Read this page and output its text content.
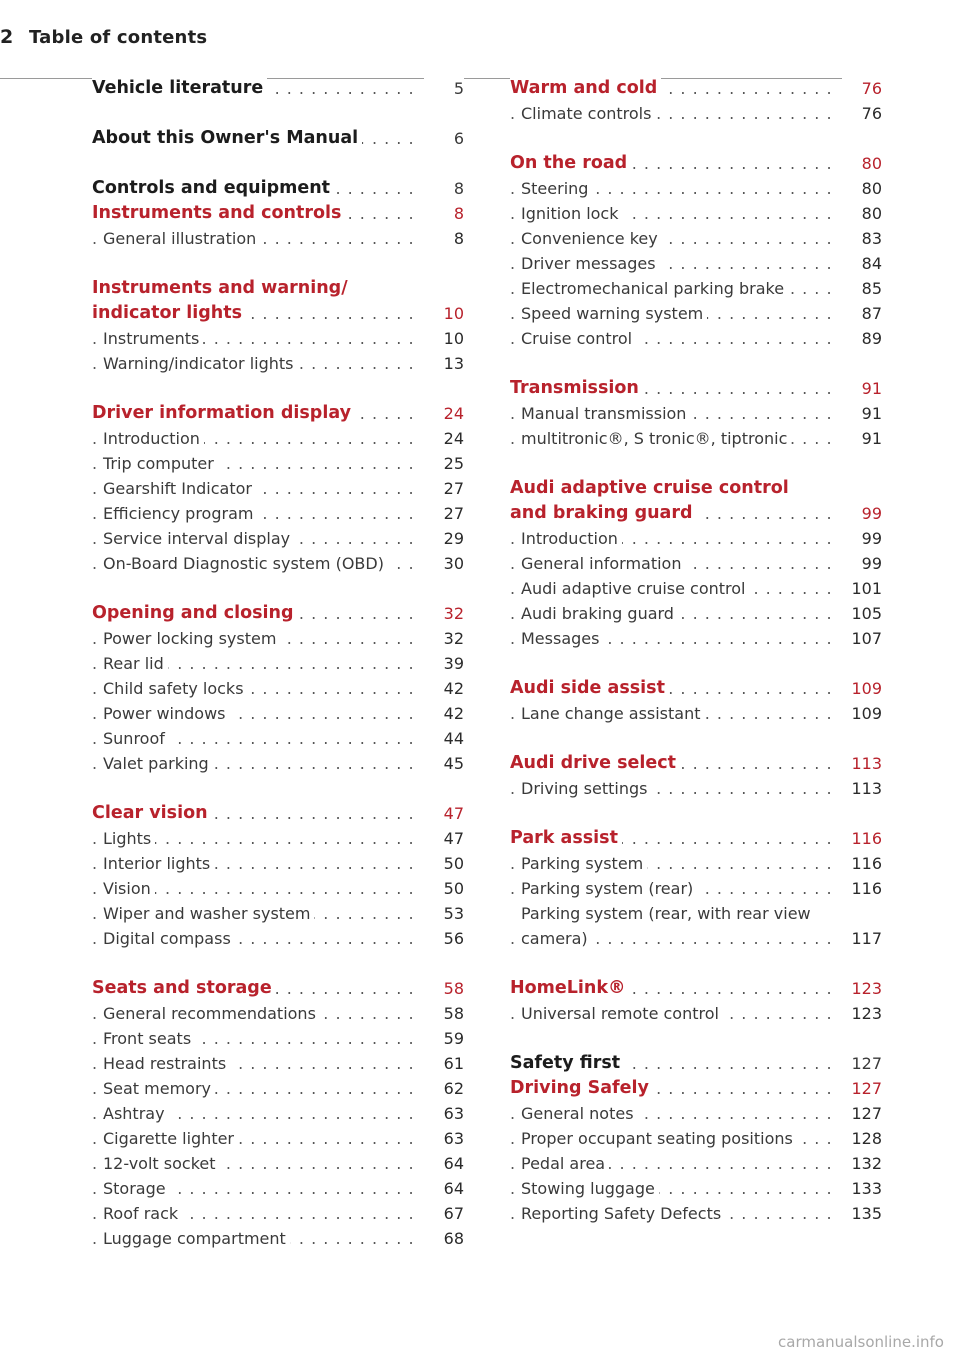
2 Table of contents
. . .
Vehicle literature	5
. . .
About this Owner's Manual	6
. . .
Controls and equipment	8
. . .
Instruments and controls	8
. . .
General illustration	8
Instruments and warning/
. . .
indicator lights	10
. . .
Instruments	10
. . .
Warning/indicator lights	13
. . .
Driver information display	24
. . .
Introduction	24
. . .
Trip computer	25
. . .
Gearshift Indicator	27
. . .
Efficiency program	27
. . .
Service interval display	29
. . .
On-Board Diagnostic system (OBD)	30
. . .
Opening and closing	32
. . .
Power locking system	32
. . .
Rear lid	39
. . .
Child safety locks	42
. . .
Power windows	42
. . .
Sunroof	44
. . .
Valet parking	45
. . .
Clear vision	47
. . .
Lights	47
. . .
Interior lights	50
. . .
Vision	50
. . .
Wiper and washer system	53
. . .
Digital compass	56
. . .
Seats and storage	58
. . .
General recommendations	58
. . .
Front seats	59
. . .
Head restraints	61
. . .
Seat memory	62
. . .
Ashtray	63
. . .
Cigarette lighter	63
. . .
12-volt socket	64
. . .
Storage	64
. . .
Roof rack	67
. . .
Luggage compartment	68
. . .
Warm and cold	76
. . .
Climate controls	76
. . .
On the road	80
. . .
Steering	80
. . .
Ignition lock	80
. . .
Convenience key	83
. . .
Driver messages	84
. . .
Electromechanical parking brake	85
. . .
Speed warning system	87
. . .
Cruise control	89
. . .
Transmission	91
. . .
Manual transmission	91
. . .
multitronic®, S tronic®, tiptronic	91
Audi adaptive cruise control
. . .
and braking guard	99
. . .
Introduction	99
. . .
General information	99
. . .
Audi adaptive cruise control	101
. . .
Audi braking guard	105
. . .
Messages	107
. . .
Audi side assist	109
. . .
Lane change assistant	109
. . .
Audi drive select	113
. . .
Driving settings	113
. . .
Park assist	116
. . .
Parking system	116
. . .
Parking system (rear)	116
Parking system (rear, with rear view
. . .
camera)	117
. . .
HomeLink®	123
. . .
Universal remote control	123
. . .
Safety first	127
. . .
Driving Safely	127
. . .
General notes	127
. . .
Proper occupant seating positions	128
. . .
Pedal area	132
. . .
Stowing luggage	133
. . .
Reporting Safety Defects	135
carmanualsonline.info
